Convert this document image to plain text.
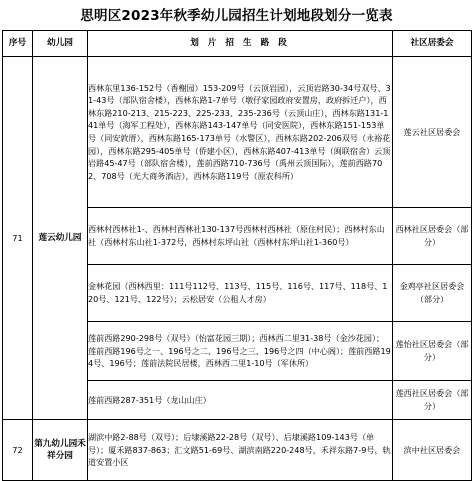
思明区2023年秋季幼儿园招生计划地段划分一览表
序号	幼儿园	划 片 招 生 路 段	社区居委会
71	莲云幼儿园	西林东里136-152号（香榭园）153-209号（云顶岩园），云顶岩路30-34号双号、31-43号（部队宿舍楼），西林东路1-7单号（墩仔家园政府安置房，政府拆迁户），西林东路210-213、215-223、225-233、235-236号（云顶山庄），西林东路131-141单号（海军工程处），西林东路143-147单号（同安医院），西林东路151-153单号（同安敦厝），西林东路165-173单号（水警区），西林东路202-206双号（永裕花园），西林东路295-405单号（侨建小区），西林东路407-413单号（闽联宿舍）云顶岩路45-47号（部队宿舍楼），莲前西路710-736号（禹州云顶国际），莲前西路702、708号（光大商务酒店），西林东路119号（原农科所）	莲云社区居委会
		西林村西林社1-、西林村西林社130-137号西林村西林社（原住村民）；西林村东山社（西林村东山社1-372号，西林村东坪山社（西林村东坪山社1-360号）	西林社区居委会（部分）
		金林花园（西林西里：111号112号、113号、115号、116号、117号、118号、120号、121号、122号）；云松居安（公租人才房）	金鸡亭社区居委会（部分）
		莲前西路290-298号（双号）（怡富花园三期）；西林西二里31-38号（金沙花园）；莲前西路196号之一、196号之二、196号之三、196号之四（中心阁）；莲前西路194号、196号；莲前法院民居楼，西林西二里1-10号（军休所）	莲怡社区居委会（部分）
		莲前西路287-351号（龙山山庄）	莲西社区居委会（部分）
72	第九幼儿园禾祥分园	湖滨中路2-88号（双号）；后埭溪路22-28号（双号）、后埭溪路109-143号（单号）；厦禾路837-863；汇文路51-69号、湖滨南路220-248号，禾祥东路7-9号，轨道安置小区	滨中社区居委会
